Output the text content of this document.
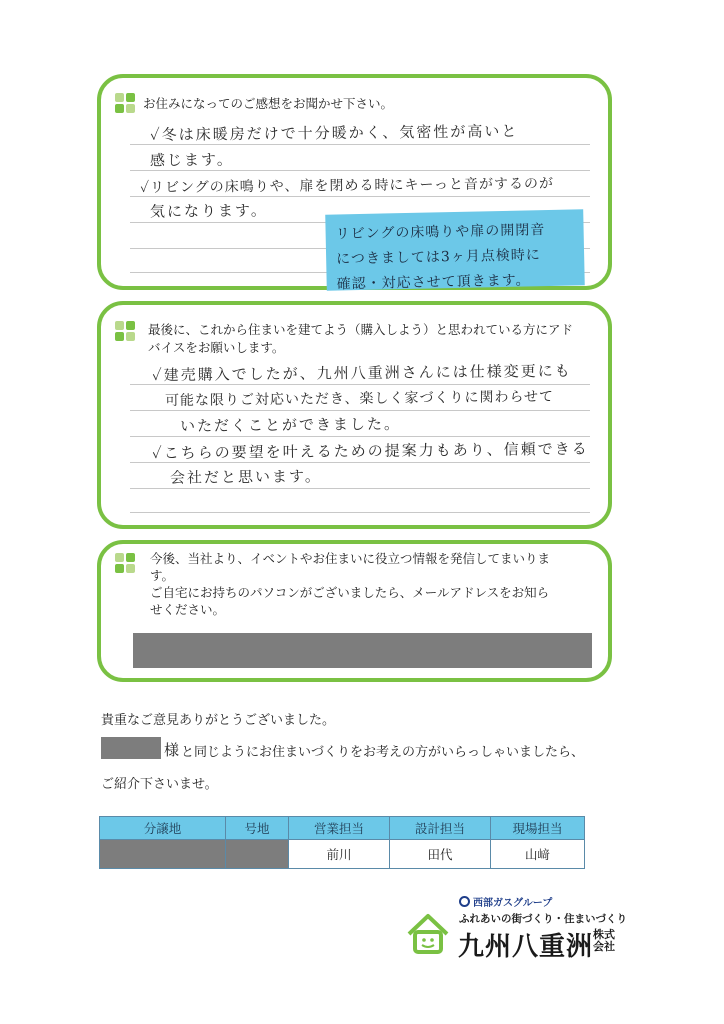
お住みになってのご感想をお聞かせ下さい。
✓冬は床暖房だけで十分暖かく、気密性が高いと
感じます。
✓リビングの床鳴りや、扉を閉める時にキーっと音がするのが
気になります。
リビングの床鳴りや扉の開閉音
につきましては3ヶ月点検時に
確認・対応させて頂きます。
最後に、これから住まいを建てよう（購入しよう）と思われている方にアド
バイスをお願いします。
✓建売購入でしたが、九州八重洲さんには仕様変更にも
可能な限りご対応いただき、楽しく家づくりに関わらせて
いただくことができました。
✓こちらの要望を叶えるための提案力もあり、信頼できる
会社だと思います。
今後、当社より、イベントやお住まいに役立つ情報を発信してまいりま
す。
ご自宅にお持ちのパソコンがございましたら、メールアドレスをお知ら
せください。
貴重なご意見ありがとうございました。
様 と同じようにお住まいづくりをお考えの方がいらっしゃいましたら、
ご紹介下さいませ。
分譲地	号地	営業担当	設計担当	現場担当
		前川	田代	山﨑
西部ガスグループ
ふれあいの街づくり・住まいづくり
九州八重洲 株式会社
